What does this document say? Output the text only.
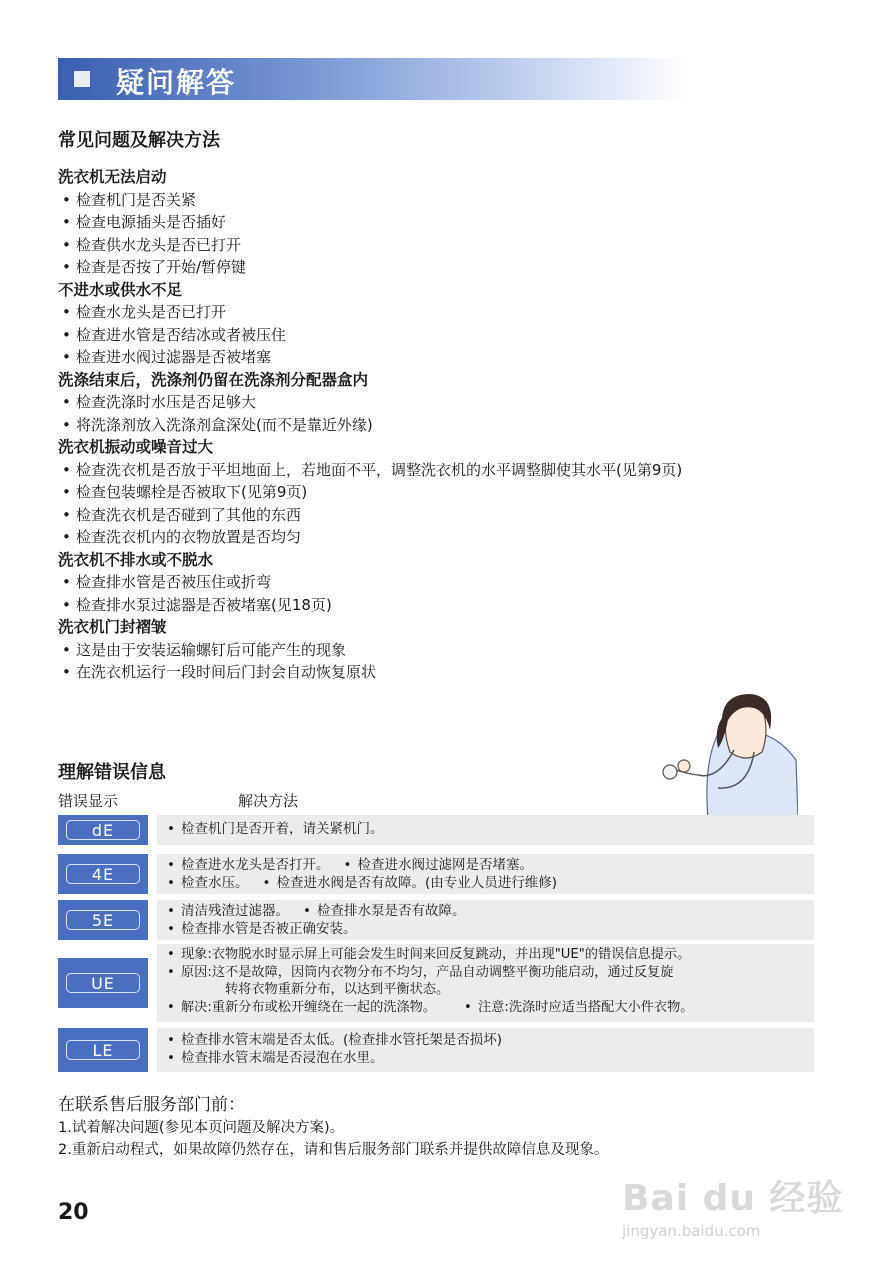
疑问解答
常见问题及解决方法
洗衣机无法启动
• 检查机门是否关紧
• 检查电源插头是否插好
• 检查供水龙头是否已打开
• 检查是否按了开始/暂停键
不进水或供水不足
• 检查水龙头是否已打开
• 检查进水管是否结冰或者被压住
• 检查进水阀过滤器是否被堵塞
洗涤结束后，洗涤剂仍留在洗涤剂分配器盒内
• 检查洗涤时水压是否足够大
• 将洗涤剂放入洗涤剂盒深处(而不是靠近外缘)
洗衣机振动或噪音过大
• 检查洗衣机是否放于平坦地面上，若地面不平，调整洗衣机的水平调整脚使其水平(见第9页)
• 检查包装螺栓是否被取下(见第9页)
• 检查洗衣机是否碰到了其他的东西
• 检查洗衣机内的衣物放置是否均匀
洗衣机不排水或不脱水
• 检查排水管是否被压住或折弯
• 检查排水泵过滤器是否被堵塞(见18页)
洗衣机门封褶皱
• 这是由于安装运输螺钉后可能产生的现象
• 在洗衣机运行一段时间后门封会自动恢复原状
理解错误信息
错误显示	解决方法
dE	• 检查机门是否开着，请关紧机门。
4E	• 检查进水龙头是否打开。 • 检查进水阀过滤网是否堵塞。
• 检查水压。 • 检查进水阀是否有故障。(由专业人员进行维修)
5E	• 清洁残渣过滤器。 • 检查排水泵是否有故障。
• 检查排水管是否被正确安装。
UE
• 现象:衣物脱水时显示屏上可能会发生时间来回反复跳动，并出现"UE"的错误信息提示。
• 原因:这不是故障，因筒内衣物分布不均匀，产品自动调整平衡功能启动，通过反复旋
转将衣物重新分布，以达到平衡状态。
• 解决:重新分布或松开缠绕在一起的洗涤物。 • 注意:洗涤时应适当搭配大小件衣物。
LE
• 检查排水管末端是否太低。(检查排水管托架是否损坏)
• 检查排水管末端是否浸泡在水里。
在联系售后服务部门前：
1.试着解决问题(参见本页问题及解决方案)。
2.重新启动程式，如果故障仍然存在，请和售后服务部门联系并提供故障信息及现象。
20	Bai du 经验
jingyan.baidu.com
